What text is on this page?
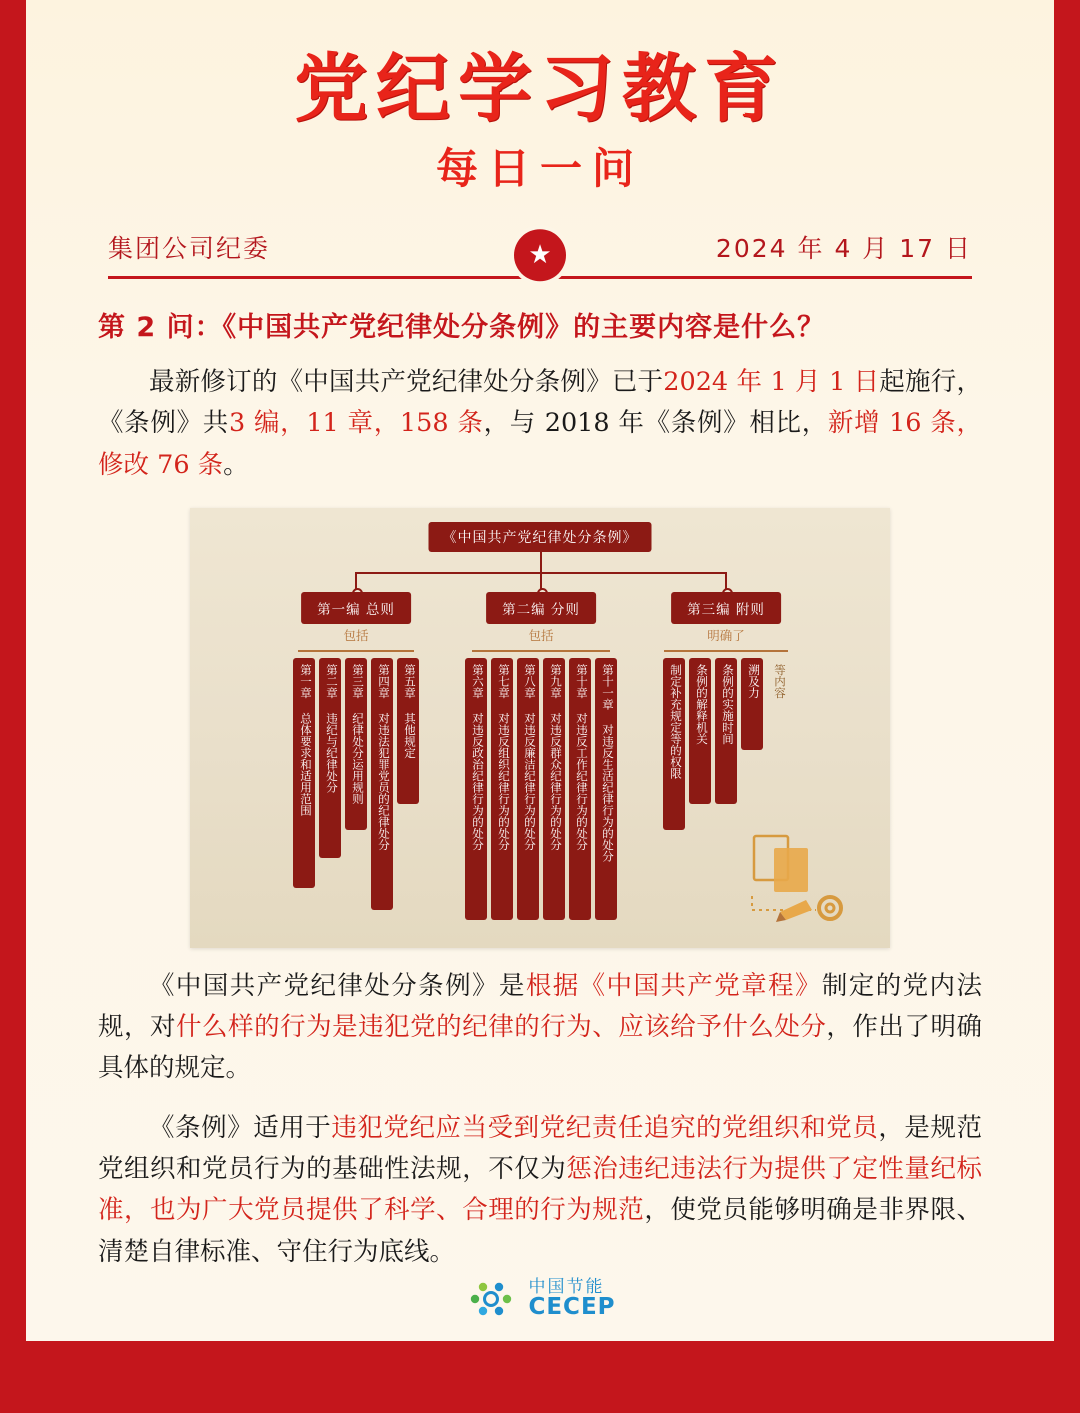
党纪学习教育
每日一问
集团公司纪委	★	2024 年 4 月 17 日
第 2 问：《中国共产党纪律处分条例》的主要内容是什么？
最新修订的《中国共产党纪律处分条例》已于2024 年 1 月 1 日起施行，《条例》共3 编，11 章，158 条，与 2018 年《条例》相比，新增 16 条，修改 76 条。
《中国共产党纪律处分条例》
第一编 总则
包括
第一章 总体要求和适用范围	第二章 违纪与纪律处分	第三章 纪律处分运用规则	第四章 对违法犯罪党员的纪律处分	第五章 其他规定
第二编 分则
包括
第六章 对违反政治纪律行为的处分	第七章 对违反组织纪律行为的处分	第八章 对违反廉洁纪律行为的处分	第九章 对违反群众纪律行为的处分	第十章 对违反工作纪律行为的处分	第十一章 对违反生活纪律行为的处分
第三编 附则
明确了
制定补充规定等的权限	条例的解释机关	条例的实施时间	溯及力	等内容
《中国共产党纪律处分条例》是根据《中国共产党章程》制定的党内法规，对什么样的行为是违犯党的纪律的行为、应该给予什么处分，作出了明确具体的规定。
《条例》适用于违犯党纪应当受到党纪责任追究的党组织和党员，是规范党组织和党员行为的基础性法规，不仅为惩治违纪违法行为提供了定性量纪标准，也为广大党员提供了科学、合理的行为规范，使党员能够明确是非界限、清楚自律标准、守住行为底线。
中国节能
CECEP
